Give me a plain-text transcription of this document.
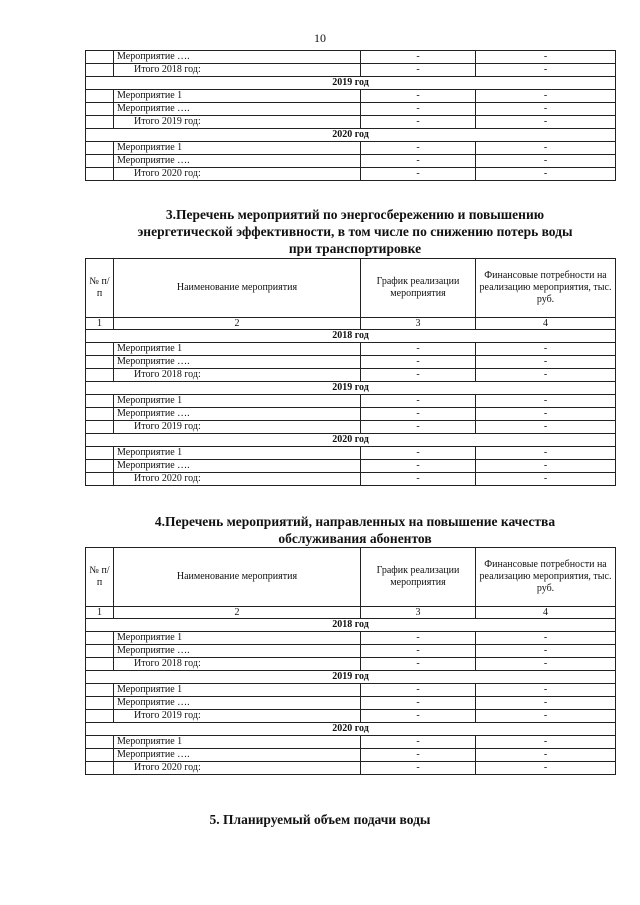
10
	Мероприятие ….	-	-
	Итого 2018 год:	-	-
2019 год			
	Мероприятие 1	-	-
	Мероприятие ….	-	-
	Итого 2019 год:	-	-
2020 год			
	Мероприятие 1	-	-
	Мероприятие ….	-	-
	Итого 2020 год:	-	-
3.Перечень мероприятий по энергосбережению и повышению
энергетической эффективности, в том числе по снижению потерь воды
при транспортировке
№ п/п	Наименование мероприятия	График реализации мероприятия	Финансовые потребности на реализацию мероприятия, тыс. руб.
1	2	3	4
2018 год			
	Мероприятие 1	-	-
	Мероприятие ….	-	-
	Итого 2018 год:	-	-
2019 год			
	Мероприятие 1	-	-
	Мероприятие ….	-	-
	Итого 2019 год:	-	-
2020 год			
	Мероприятие 1	-	-
	Мероприятие ….	-	-
	Итого 2020 год:	-	-
4.Перечень мероприятий, направленных на повышение качества
обслуживания абонентов
№ п/п	Наименование мероприятия	График реализации мероприятия	Финансовые потребности на реализацию мероприятия, тыс. руб.
1	2	3	4
2018 год			
	Мероприятие 1	-	-
	Мероприятие ….	-	-
	Итого 2018 год:	-	-
2019 год			
	Мероприятие 1	-	-
	Мероприятие ….	-	-
	Итого 2019 год:	-	-
2020 год			
	Мероприятие 1	-	-
	Мероприятие ….	-	-
	Итого 2020 год:	-	-
5. Планируемый объем подачи воды
